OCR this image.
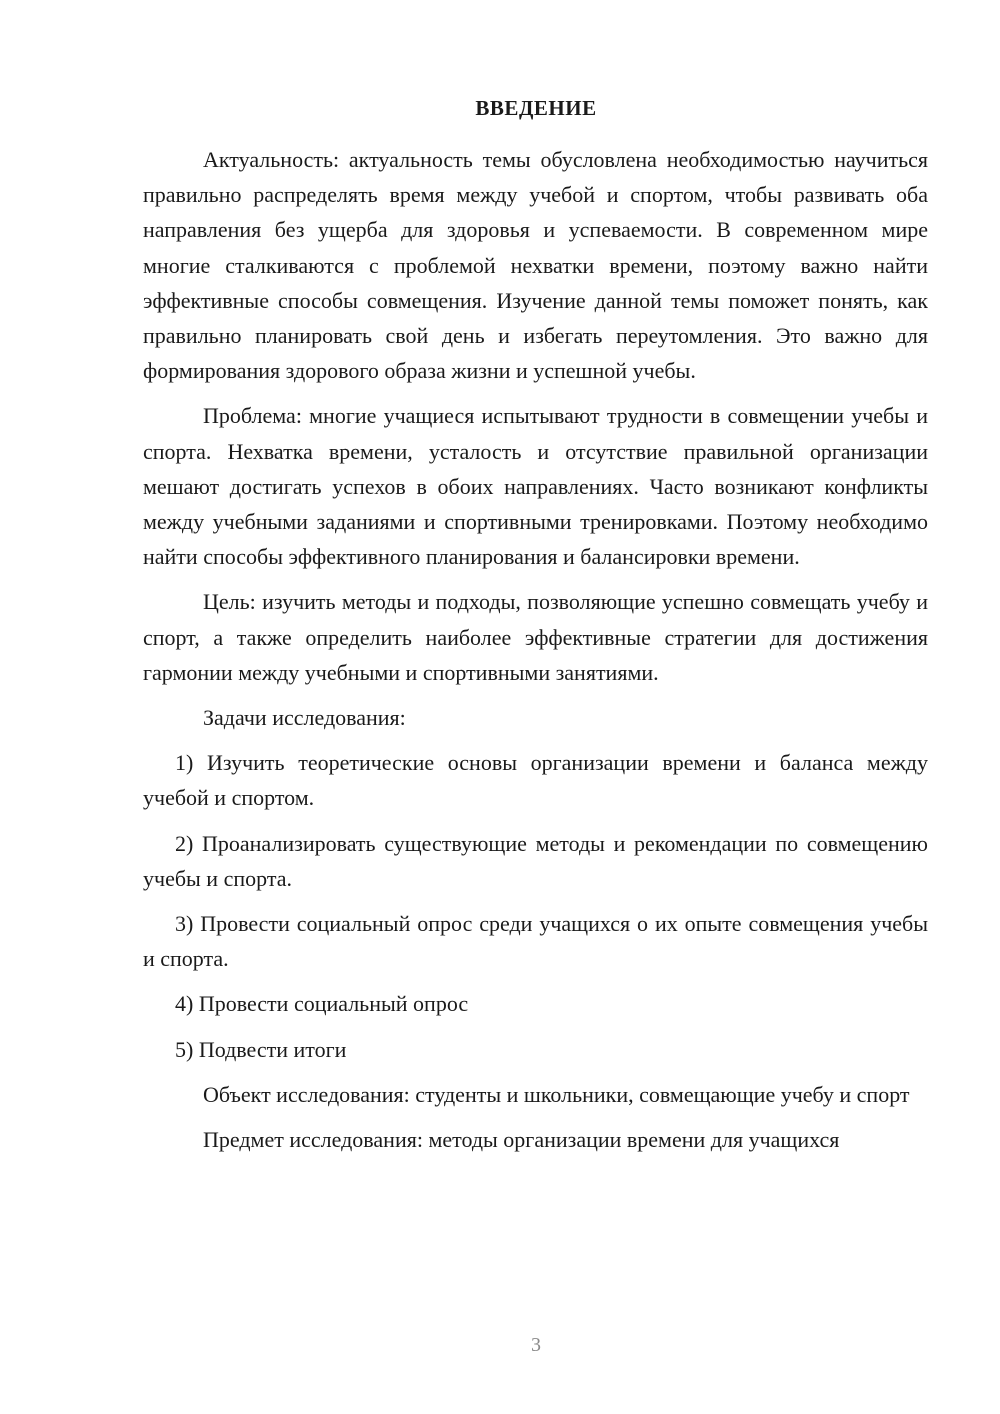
ВВЕДЕНИЕ

Актуальность: актуальность темы обусловлена необходимостью научиться правильно распределять время между учебой и спортом, чтобы развивать оба направления без ущерба для здоровья и успеваемости. В современном мире многие сталкиваются с проблемой нехватки времени, поэтому важно найти эффективные способы совмещения. Изучение данной темы поможет понять, как правильно планировать свой день и избегать переутомления. Это важно для формирования здорового образа жизни и успешной учебы.

Проблема: многие учащиеся испытывают трудности в совмещении учебы и спорта. Нехватка времени, усталость и отсутствие правильной организации мешают достигать успехов в обоих направлениях. Часто возникают конфликты между учебными заданиями и спортивными тренировками. Поэтому необходимо найти способы эффективного планирования и балансировки времени.

Цель: изучить методы и подходы, позволяющие успешно совмещать учебу и спорт, а также определить наиболее эффективные стратегии для достижения гармонии между учебными и спортивными занятиями.

Задачи исследования:

1) Изучить теоретические основы организации времени и баланса между учебой и спортом.

2) Проанализировать существующие методы и рекомендации по совмещению учебы и спорта.

3) Провести социальный опрос среди учащихся о их опыте совмещения учебы и спорта.

4) Провести социальный опрос

5) Подвести итоги

Объект исследования: студенты и школьники, совмещающие учебу и спорт

Предмет исследования: методы организации времени для учащихся

3
